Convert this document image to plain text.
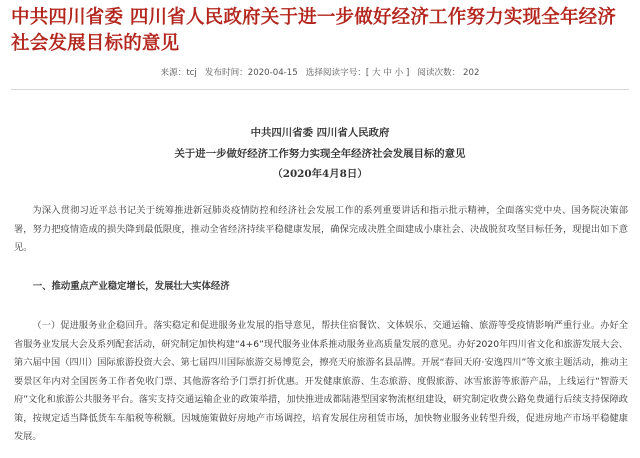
中共四川省委 四川省人民政府关于进一步做好经济工作努力实现全年经济社会发展目标的意见
来源：tcj 发布时间：2020-04-15 选择阅读字号：[ 大 中 小 ] 阅读次数： 202
中共四川省委 四川省人民政府
关于进一步做好经济工作努力实现全年经济社会发展目标的意见
（2020年4月8日）

为深入贯彻习近平总书记关于统筹推进新冠肺炎疫情防控和经济社会发展工作的系列重要讲话和指示批示精神，全面落实党中央、国务院决策部署，努力把疫情造成的损失降到最低限度，推动全省经济持续平稳健康发展，确保完成决胜全面建成小康社会、决战脱贫攻坚目标任务，现提出如下意见。

一、推动重点产业稳定增长，发展壮大实体经济

（一）促进服务业企稳回升。落实稳定和促进服务业发展的指导意见，帮扶住宿餐饮、文体娱乐、交通运输、旅游等受疫情影响严重行业。办好全省服务业发展大会及系列配套活动，研究制定加快构建“4+6”现代服务业体系推动服务业高质量发展的意见。办好2020年四川省文化和旅游发展大会、第六届中国（四川）国际旅游投资大会、第七届四川国际旅游交易博览会，擦亮天府旅游名县品牌。开展“春回天府·安逸四川”等文旅主题活动，推动主要景区年内对全国医务工作者免收门票、其他游客给予门票打折优惠。开发健康旅游、生态旅游、度假旅游、冰雪旅游等旅游产品，上线运行“智游天府”文化和旅游公共服务平台。落实支持交通运输企业的政策举措，加快推进成都陆港型国家物流枢纽建设，研究制定收费公路免费通行后续支持保障政策，按规定适当降低货车车船税等税额。因城施策做好房地产市场调控，培育发展住房租赁市场，加快物业服务业转型升级，促进房地产市场平稳健康发展。
